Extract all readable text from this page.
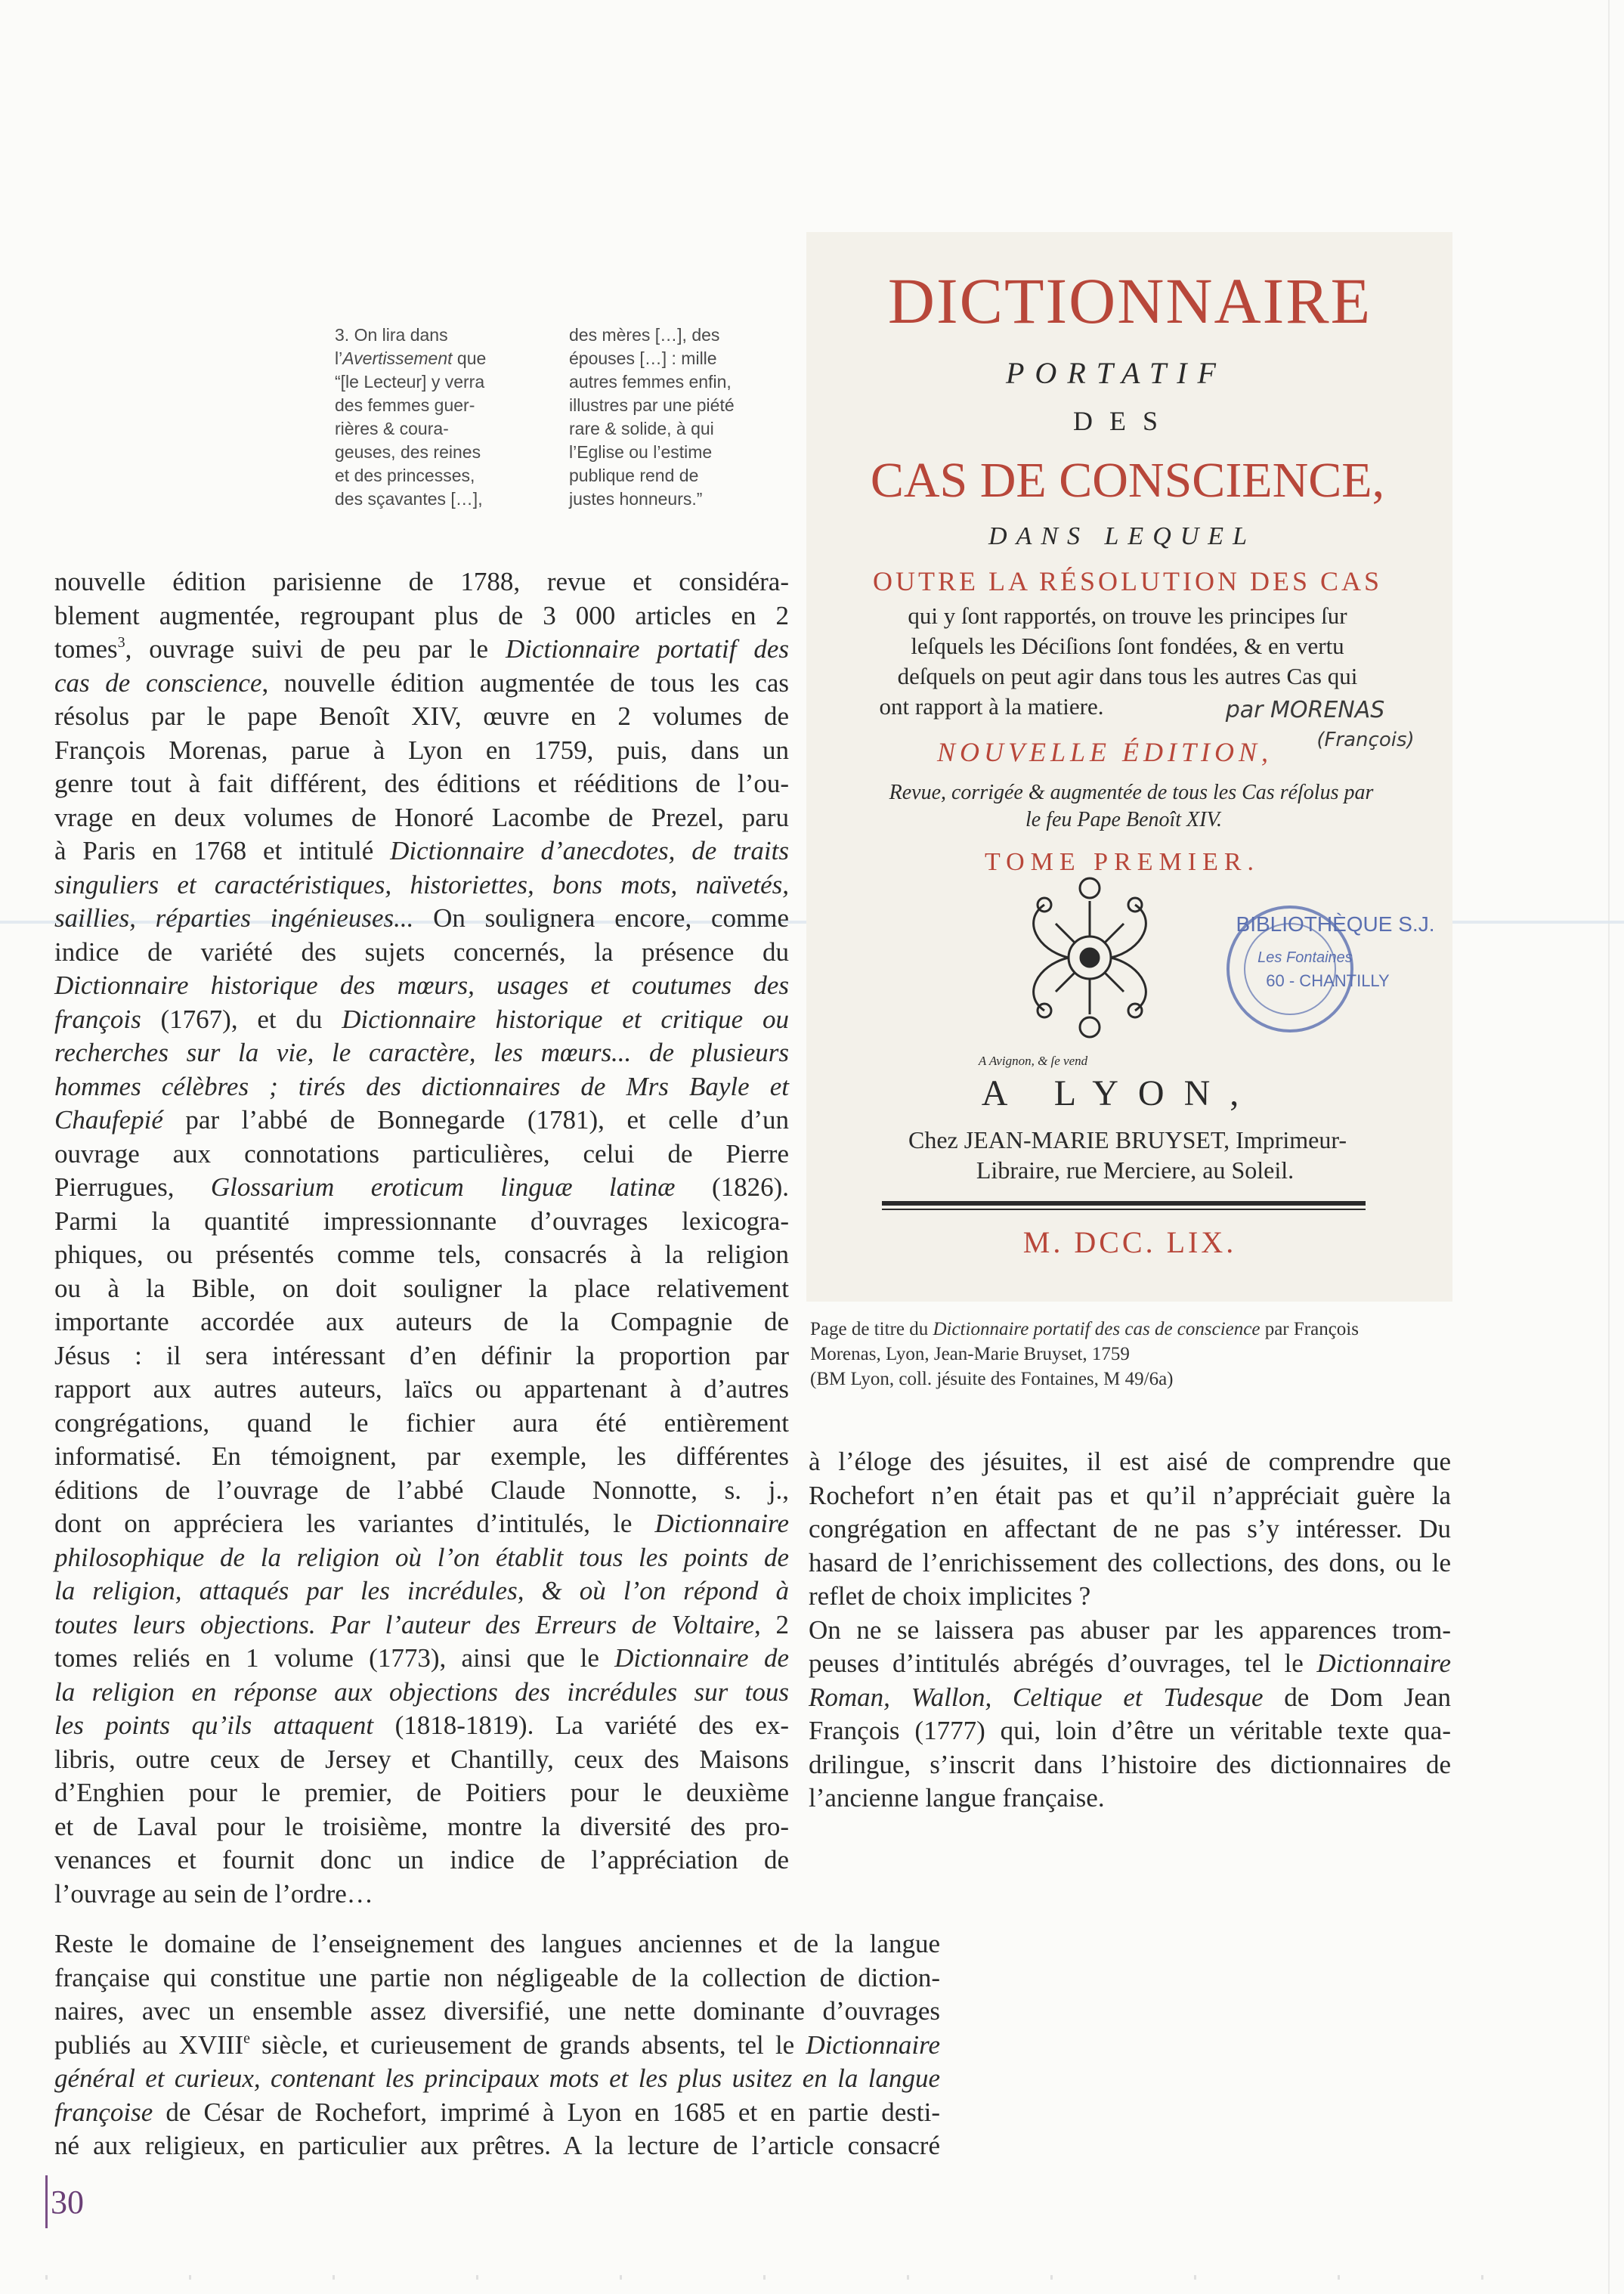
3. On lira dans
l’Avertissement que
“[le Lecteur] y verra
des femmes guer-
rières & coura-
geuses, des reines
et des princesses,
des sçavantes […],

des mères […], des
épouses […] : mille
autres femmes enfin,
illustres par une piété
rare & solide, à qui
l’Eglise ou l’estime
publique rend de
justes honneurs.”

nouvelle édition parisienne de 1788, revue et considéra-
blement augmentée, regroupant plus de 3 000 articles en 2
tomes$^3$, ouvrage suivi de peu par le Dictionnaire portatif des
cas de conscience, nouvelle édition augmentée de tous les cas
résolus par le pape Benoît XIV, œuvre en 2 volumes de
François Morenas, parue à Lyon en 1759, puis, dans un
genre tout à fait différent, des éditions et rééditions de l’ou-
vrage en deux volumes de Honoré Lacombe de Prezel, paru
à Paris en 1768 et intitulé Dictionnaire d’anecdotes, de traits
singuliers et caractéristiques, historiettes, bons mots, naïvetés,
saillies, réparties ingénieuses... On soulignera encore, comme
indice de variété des sujets concernés, la présence du
Dictionnaire historique des mœurs, usages et coutumes des
françois (1767), et du Dictionnaire historique et critique ou
recherches sur la vie, le caractère, les mœurs... de plusieurs
hommes célèbres ; tirés des dictionnaires de Mrs Bayle et
Chaufepié par l’abbé de Bonnegarde (1781), et celle d’un
ouvrage aux connotations particulières, celui de Pierre
Pierrugues, Glossarium eroticum linguæ latinæ (1826).
Parmi la quantité impressionnante d’ouvrages lexicogra-
phiques, ou présentés comme tels, consacrés à la religion
ou à la Bible, on doit souligner la place relativement
importante accordée aux auteurs de la Compagnie de
Jésus : il sera intéressant d’en définir la proportion par
rapport aux autres auteurs, laïcs ou appartenant à d’autres
congrégations, quand le fichier aura été entièrement
informatisé. En témoignent, par exemple, les différentes
éditions de l’ouvrage de l’abbé Claude Nonnotte, s. j.,
dont on appréciera les variantes d’intitulés, le Dictionnaire
philosophique de la religion où l’on établit tous les points de
la religion, attaqués par les incrédules, & où l’on répond à
toutes leurs objections. Par l’auteur des Erreurs de Voltaire, 2
tomes reliés en 1 volume (1773), ainsi que le Dictionnaire de
la religion en réponse aux objections des incrédules sur tous
les points qu’ils attaquent (1818-1819). La variété des ex-
libris, outre ceux de Jersey et Chantilly, ceux des Maisons
d’Enghien pour le premier, de Poitiers pour le deuxième
et de Laval pour le troisième, montre la diversité des pro-
venances et fournit donc un indice de l’appréciation de
l’ouvrage au sein de l’ordre…
Reste le domaine de l’enseignement des langues anciennes et de la langue
française qui constitue une partie non négligeable de la collection de diction-
naires, avec un ensemble assez diversifié, une nette dominante d’ouvrages
publiés au XVIIIe siècle, et curieusement de grands absents, tel le Dictionnaire
général et curieux, contenant les principaux mots et les plus usitez en la langue
françoise de César de Rochefort, imprimé à Lyon en 1685 et en partie desti-
né aux religieux, en particulier aux prêtres. A la lecture de l’article consacré
à l’éloge des jésuites, il est aisé de comprendre que
Rochefort n’en était pas et qu’il n’appréciait guère la
congrégation en affectant de ne pas s’y intéresser. Du
hasard de l’enrichissement des collections, des dons, ou le
reflet de choix implicites ?
On ne se laissera pas abuser par les apparences trom-
peuses d’intitulés abrégés d’ouvrages, tel le Dictionnaire
Roman, Wallon, Celtique et Tudesque de Dom Jean
François (1777) qui, loin d’être un véritable texte qua-
drilingue, s’inscrit dans l’histoire des dictionnaires de
l’ancienne langue française.
DICTIONNAIRE
PORTATIF
DES
CAS DE CONSCIENCE,
DANS LEQUEL
OUTRE LA RÉSOLUTION DES CAS
qui y ſont rapportés, on trouve les principes ſur
leſquels les Déciſions ſont fondées, & en vertu
deſquels on peut agir dans tous les autres Cas qui
ont rapport à la matiere.	par MORENAS
(François)
NOUVELLE ÉDITION,
Revue, corrigée & augmentée de tous les Cas réſolus par
le feu Pape Benoît XIV.
TOME PREMIER.
BIBLIOTHÈQUE S.J.
Les Fontaines
60 - CHANTILLY
A Avignon, & ſe vend
A LYON,
Chez JEAN-MARIE BRUYSET, Imprimeur-
Libraire, rue Merciere, au Soleil.
M. DCC. LIX.

Page de titre du Dictionnaire portatif des cas de conscience par François
Morenas, Lyon, Jean-Marie Bruyset, 1759
(BM Lyon, coll. jésuite des Fontaines, M 49/6a)

30
